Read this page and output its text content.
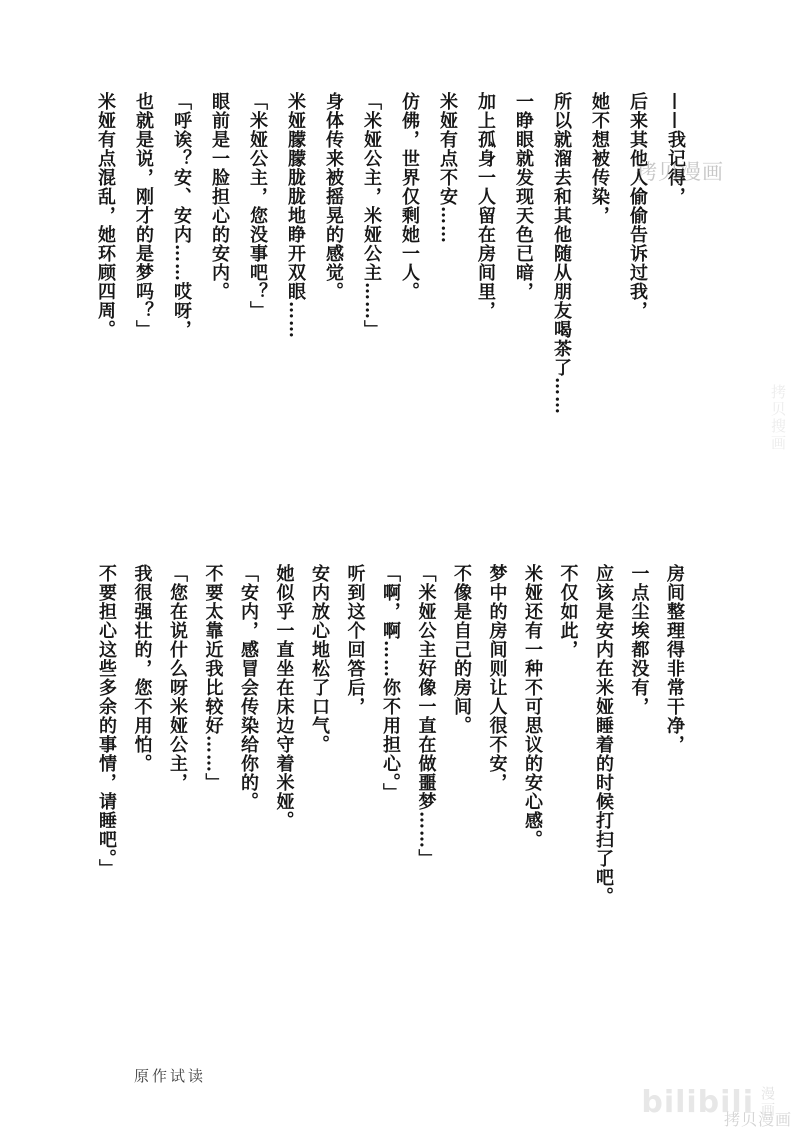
拷贝漫画
拷贝搜画

——我记得，

后来其他人偷偷告诉过我，

她不想被传染，

所以就溜去和其他随从朋友喝茶了……

一睁眼就发现天色已暗，

加上孤身一人留在房间里，

米娅有点不安……

仿佛，世界仅剩她一人。

「米娅公主，米娅公主……」

身体传来被摇晃的感觉。

米娅朦朦胧胧地睁开双眼……

「米娅公主，您没事吧？」

眼前是一脸担心的安内。

「呼诶？安、安内……哎呀，

也就是说，刚才的是梦吗？」

米娅有点混乱，她环顾四周。

房间整理得非常干净，

一点尘埃都没有，

应该是安内在米娅睡着的时候打扫了吧。

不仅如此，

米娅还有一种不可思议的安心感。

梦中的房间则让人很不安，

不像是自己的房间。

「米娅公主好像一直在做噩梦……」

「啊，啊……你不用担心。」

听到这个回答后，

安内放心地松了口气。

她似乎一直坐在床边守着米娅。

「安内，感冒会传染给你的。

不要太靠近我比较好……」

「您在说什么呀米娅公主，

我很强壮的，您不用怕。

不要担心这些多余的事情，请睡吧。」

原作试读
bilibili 漫画
拷贝漫画
